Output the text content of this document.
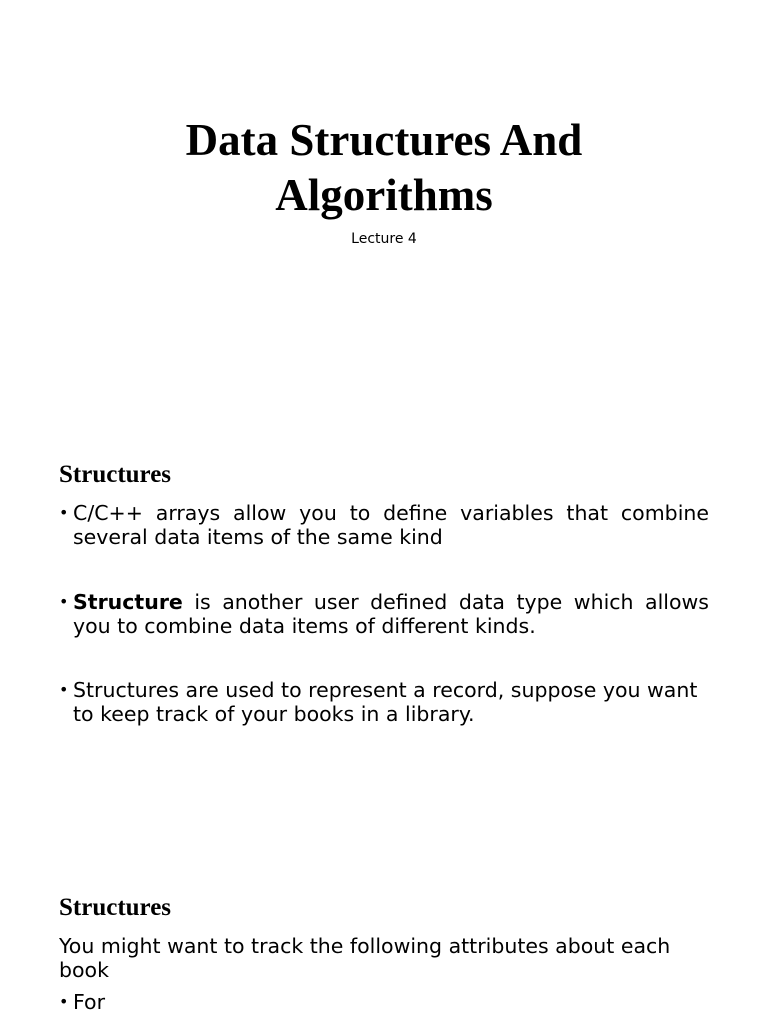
Data Structures And
Algorithms

Lecture 4

Structures
• C/C++ arrays allow you to define variables that combine several data items of the same kind
• Structure is another user defined data type which allows you to combine data items of different kinds.
• Structures are used to represent a record, suppose you want to keep track of your books in a library.
Structures

You might want to track the following attributes about each book

• For
